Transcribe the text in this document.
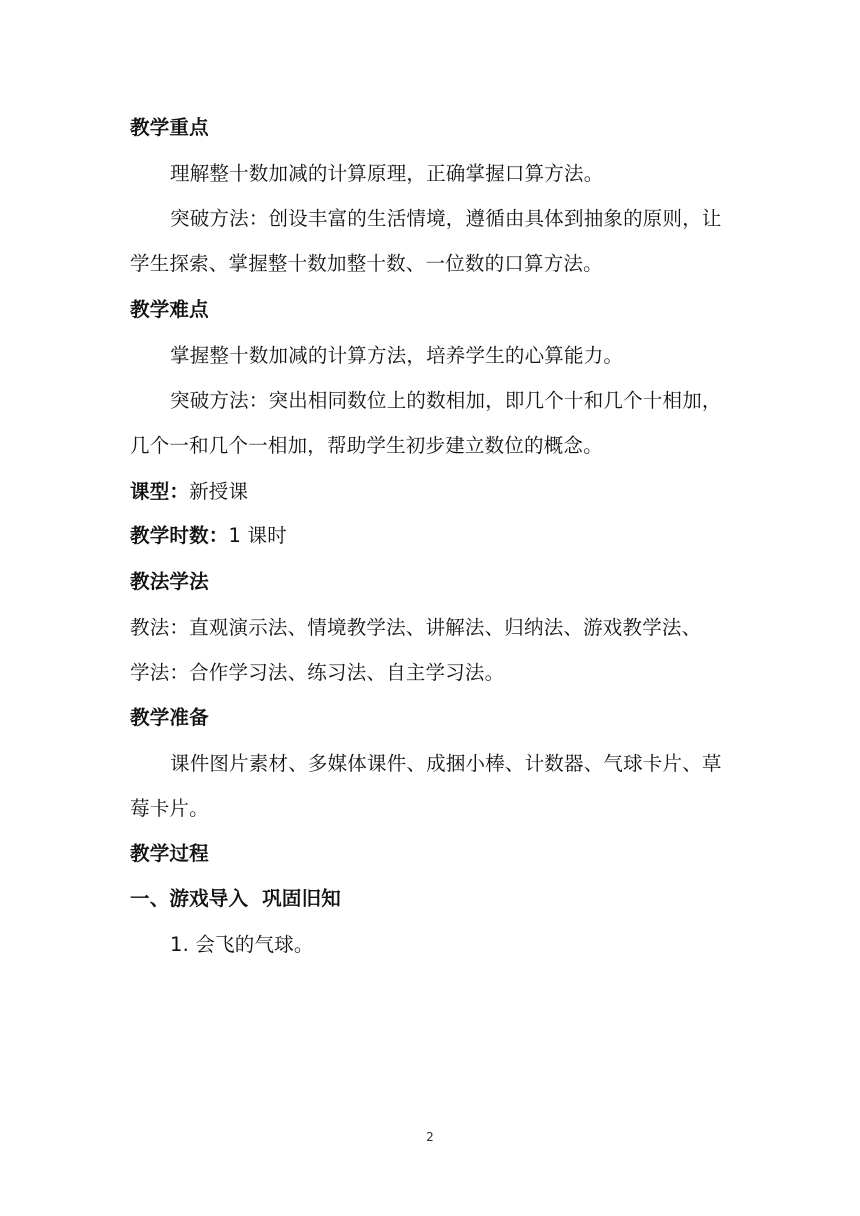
教学重点
理解整十数加减的计算原理，正确掌握口算方法。
突破方法：创设丰富的生活情境，遵循由具体到抽象的原则，让
学生探索、掌握整十数加整十数、一位数的口算方法。
教学难点
掌握整十数加减的计算方法，培养学生的心算能力。
突破方法：突出相同数位上的数相加，即几个十和几个十相加，
几个一和几个一相加，帮助学生初步建立数位的概念。
课型：新授课
教学时数：1 课时
教法学法
教法：直观演示法、情境教学法、讲解法、归纳法、游戏教学法、
学法：合作学习法、练习法、自主学习法。
教学准备
课件图片素材、多媒体课件、成捆小棒、计数器、气球卡片、草
莓卡片。
教学过程
一、游戏导入  巩固旧知
1. 会飞的气球。
2
